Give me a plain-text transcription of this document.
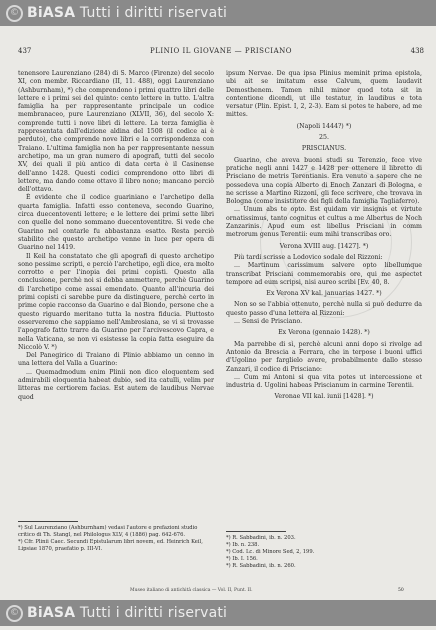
© BiASA Tutti i diritti riservati
437	PLINIO IL GIOVANE — PRISCIANO	438

tenensore Laurenziano (284) di S. Marco (Firenze) del secolo XI, con membr. Riccardiano (II, 11. 488), oggi Laurenziano (Ashburnham), *) che comprendono i primi quattro libri delle lettere e i primi sei del quinto: cento lettere in tutto. L'altra famiglia ha per rappresentante principale un codice membranaceo, pure Laurenziano (XLVII, 36), del secolo X: comprende tutti i nove libri di lettere. La terza famiglia è rappresentata dall'edizione aldina del 1508 (il codice ai è perduto), che comprende nove libri e la corrispondenza con Traiano. L'ultima famiglia non ha per rappresentante nessun archetipo, ma un gran numero di apografi, tutti del secolo XV, dei quali il più antico di data certa è il Casinense dell'anno 1428. Questi codici comprendono otto libri di lettere, ma dando come ottavo il libro nono; mancano perciò dell'ottavo.

È evidente che il codice guariniano e l'archetipo della quarta famiglia. Infatti esso conteneva, secondo Guarino, circa duecentoventi lettere; e le lettere dei primi sette libri con quelle del nono sommano duecentoventitre. Si vede che Guarino nel contarle fu abbastanza esatto. Resta perciò stabilito che questo archetipo venne in luce per opera di Guarino nel 1419.

Il Keil ha constatato che gli apografi di questo archetipo sono pessime scripti, e perciò l'archetipo, egli dice, era molto corrotto e per l'inopia dei primi copisti. Questo alla conclusione, perchè noi si debba ammettere, perchè Guarino di l'archetipo come assai emendato. Quanto all'incuria dei primi copisti ci sarebbe pure da distinguere, perchè certo in prime copie racconso da Guarino e dal Biondo, persone che a questo riguardo meritano tutta la nostra fiducia. Piuttosto osserveremo che sappiamo nell'Ambrosiana, se vi si trovasse l'apografo fatto trarre da Guarino per l'arcivescovo Capra, e nella Vaticana, se non vi esistesse la copia fatta eseguire da Niccolò V. *)

Del Panegirico di Traiano di Plinio abbiamo un cenno in una lettera del Valla a Guarino:

... Quemadmodum enim Plinii non dico eloquentem sed admirabili eloquentia habeat dubio, sed ita catulli, velim per litteras me certiorem facias. Est autem de laudibus Nervae quod

*) Sul Laurenziano (Ashburnham) vedasi l'autore e prefazioni studio critico di Th. Stangl, nel Philologus XLV, 4 (1886) pag. 642-676.
*) Cfr. Plinii Caec. Secundi Epistularum libri novem, ed. Heinrich Keil, Lipsiae 1870, praefatio p. III-VI.

ipsum Nervae. De qua ipsa Plinius meminit prima epistola, ubi ait se imitatum esse Calvum, quem laudavit Demosthenem. Tamen nihil minor quod tota sit in contentione dicendi, ut ille testatur, in laudibus e tota versatur (Plin. Epist. I, 2, 2-3). Eam si potes te habere, ad me mittes.

(Napoli 1444?) *)
25.
PRISCIANUS.

Guarino, che aveva buoni studi su Terenzio, fece vive pratiche negli anni 1427 e 1428 per ottenere il libretto di Prisciano de metris Terentianis. Era venuto a sapere che ne possedeva una copia Alberto di Enoch Zanzari di Bologna, e ne scrisse a Martino Rizzoni, gli fece scrivere, che trovava in Bologna (come insistitore dei figli della famiglia Tagliaferro).

... Unum abs te opto. Est quidam vir insignis et virtute ornatissimus, tanto cognitus et cultus a me Albertus de Noch Zanzarinis. Apud eum est libellus Prisciani in comm metrorum genus Terentii: eum mihi transcribas oro.

Verona XVIII aug. [1427]. *)

Più tardi scrisse a Lodovico sodale del Rizzoni:

... Martinum carissimum salvere opto libellumque transcribat Prisciani commemorabis ore, qui me aspectet tempore ad eum scripsi, nisi aureo scribi [Ev. 40, 8.

Ex Verona XV kal. januarias 1427. *)

Non so se l'abbia ottenuto, perchè nulla si può dedurre da questo passo d'una lettera al Rizzoni:

... Sensi de Prisciano.

Ex Verona (gennaio 1428). *)

Ma parrebbe di sì, perchè alcuni anni dopo si rivolge ad Antonio da Brescia a Ferrara, che in terpose i buoni uffici d'Ugolino per farglielo avere, probabilmente dallo stesso Zanzari, il codice di Prisciano:

... Cum mi Antoni si qua vita potes ut intercessione et industria d. Ugolini habeas Priscianum in carmine Terentii.

Veronae VII kal. iunii [1428]. *)
*) R. Sabbadini, ib. n. 203.
*) Ib. n. 238.
*) Cod. Lc. di Minore Sed, 2, 199.
*) Ib. I. 156.
*) R. Sabbadini, ib. n. 260.
Museo italiano di antichità classica — Vol. II, Punt. II.	50
© BiASA Tutti i diritti riservati
